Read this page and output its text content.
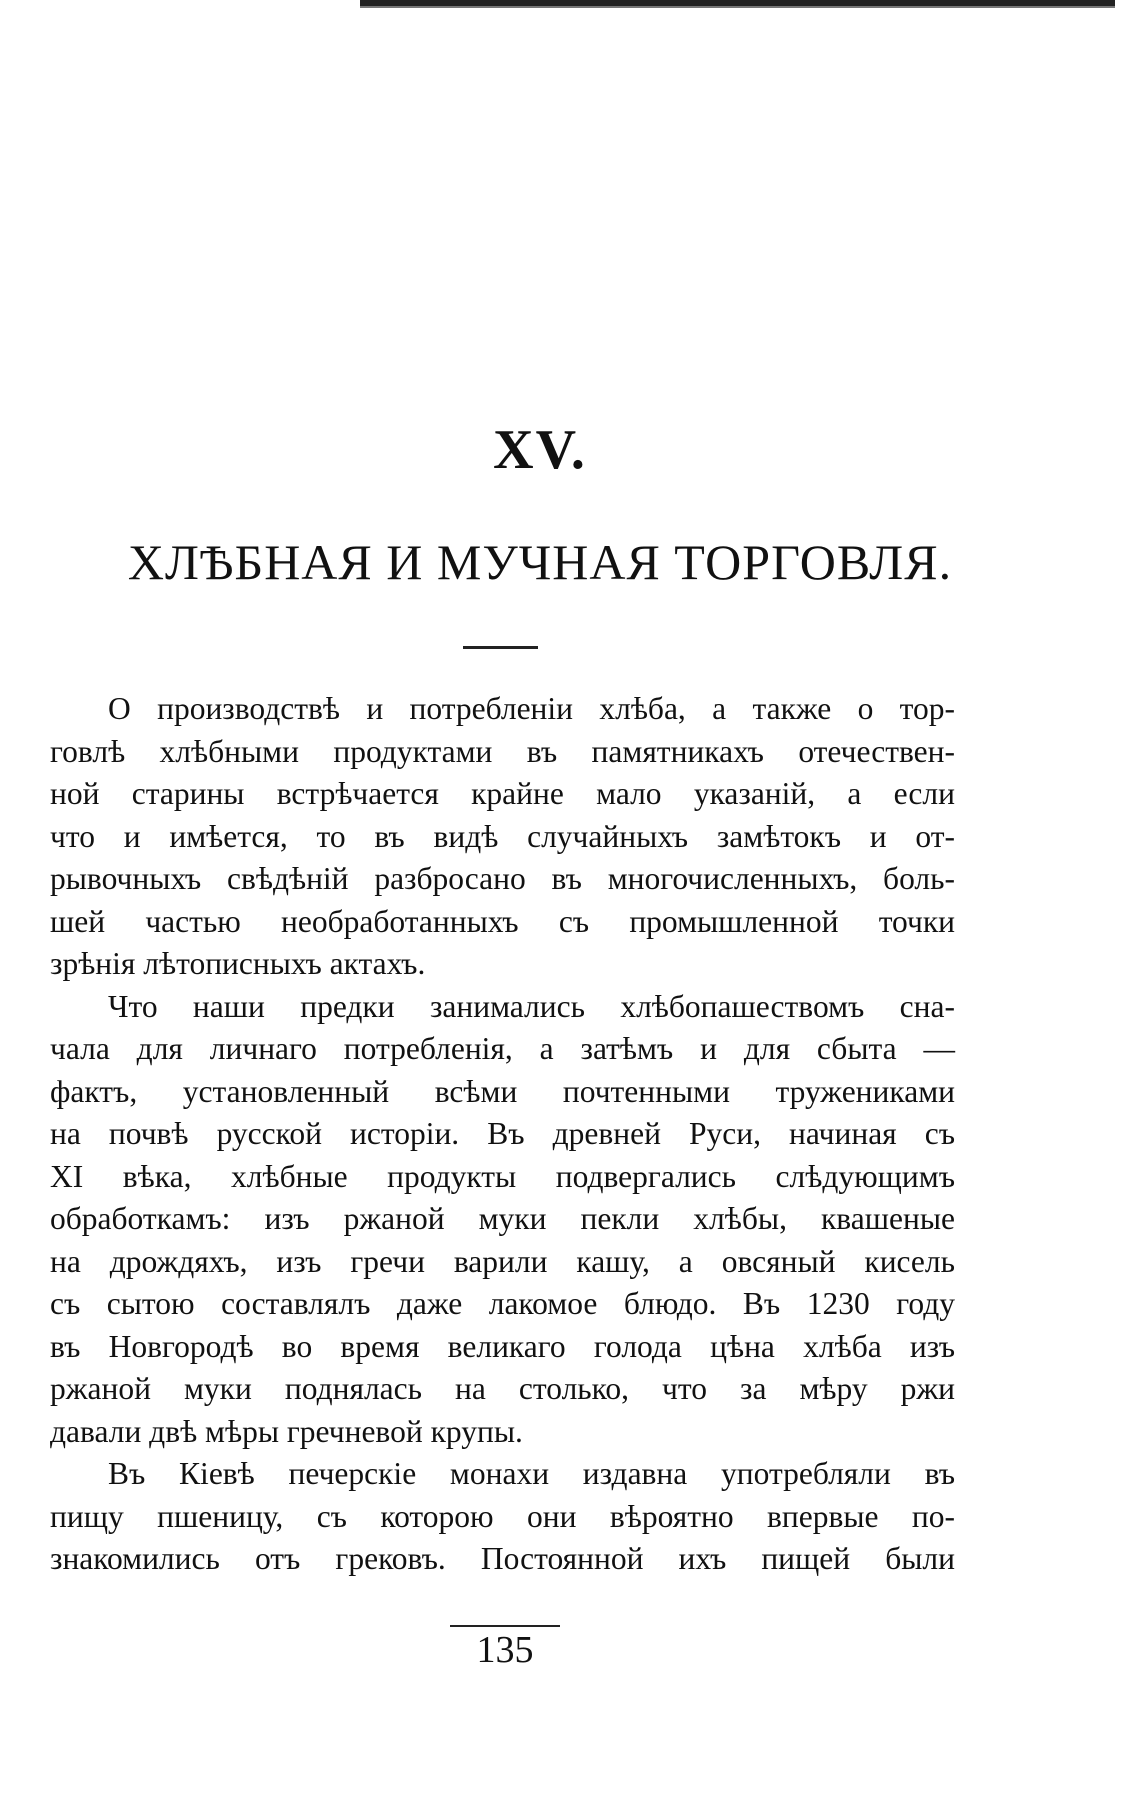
XV.
ХЛѢБНАЯ И МУЧНАЯ ТОРГОВЛЯ.
О производствѣ и потребленіи хлѣба, а также о тор-
говлѣ хлѣбными продуктами въ памятникахъ отечествен-
ной старины встрѣчается крайне мало указаній, а если
что и имѣется, то въ видѣ случайныхъ замѣтокъ и от-
рывочныхъ свѣдѣній разбросано въ многочисленныхъ, боль-
шей частью необработанныхъ съ промышленной точки
зрѣнія лѣтописныхъ актахъ.
Что наши предки занимались хлѣбопашествомъ сна-
чала для личнаго потребленія, а затѣмъ и для сбыта —
фактъ, установленный всѣми почтенными тружениками
на почвѣ русской исторіи. Въ древней Руси, начиная съ
XI вѣка, хлѣбные продукты подвергались слѣдующимъ
обработкамъ: изъ ржаной муки пекли хлѣбы, квашеные
на дрождяхъ, изъ гречи варили кашу, а овсяный кисель
съ сытою составлялъ даже лакомое блюдо. Въ 1230 году
въ Новгородѣ во время великаго голода цѣна хлѣба изъ
ржаной муки поднялась на столько, что за мѣру ржи
давали двѣ мѣры гречневой крупы.
Въ Кіевѣ печерскіе монахи издавна употребляли въ
пищу пшеницу, съ которою они вѣроятно впервые по-
знакомились отъ грековъ. Постоянной ихъ пищей были
135
